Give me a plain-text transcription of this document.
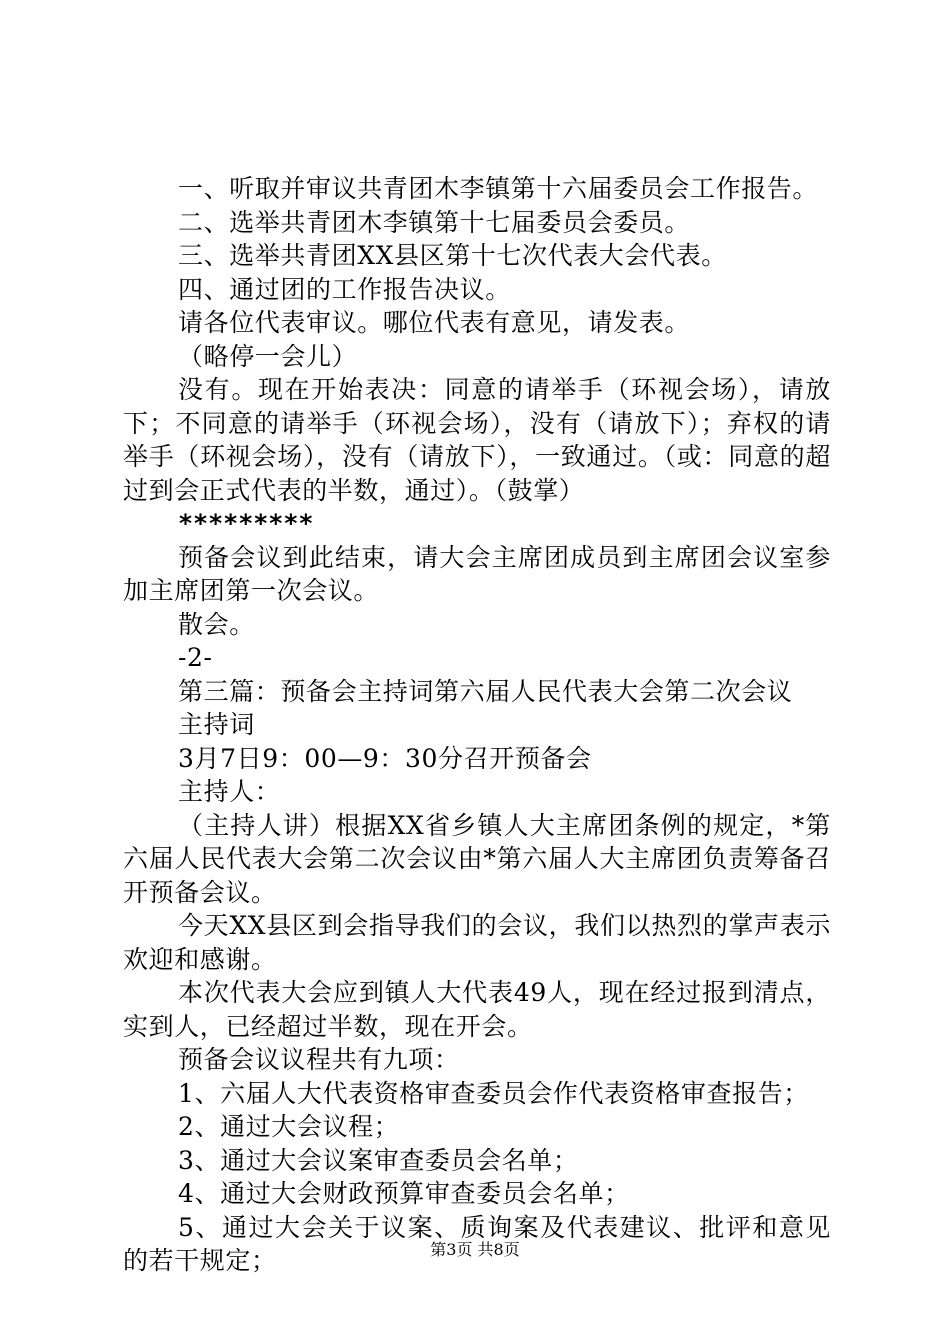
一、听取并审议共青团木李镇第十六届委员会工作报告。

二、选举共青团木李镇第十七届委员会委员。

三、选举共青团XX县区第十七次代表大会代表。

四、通过团的工作报告决议。

请各位代表审议。哪位代表有意见，请发表。

（略停一会儿）

没有。现在开始表决：同意的请举手（环视会场），请放下；不同意的请举手（环视会场），没有（请放下）；弃权的请举手（环视会场），没有（请放下），一致通过。（或：同意的超过到会正式代表的半数，通过）。（鼓掌）

*********

预备会议到此结束，请大会主席团成员到主席团会议室参加主席团第一次会议。

散会。

-2-

第三篇：预备会主持词第六届人民代表大会第二次会议

主持词

3月7日9：00—9：30分召开预备会

主持人：

（主持人讲）根据XX省乡镇人大主席团条例的规定，*第六届人民代表大会第二次会议由*第六届人大主席团负责筹备召开预备会议。

今天XX县区到会指导我们的会议，我们以热烈的掌声表示欢迎和感谢。

本次代表大会应到镇人大代表49人，现在经过报到清点，实到人，已经超过半数，现在开会。

预备会议议程共有九项：

1、六届人大代表资格审查委员会作代表资格审查报告；

2、通过大会议程；

3、通过大会议案审查委员会名单；

4、通过大会财政预算审查委员会名单；

5、通过大会关于议案、质询案及代表建议、批评和意见的若干规定；	第3页 共8页
